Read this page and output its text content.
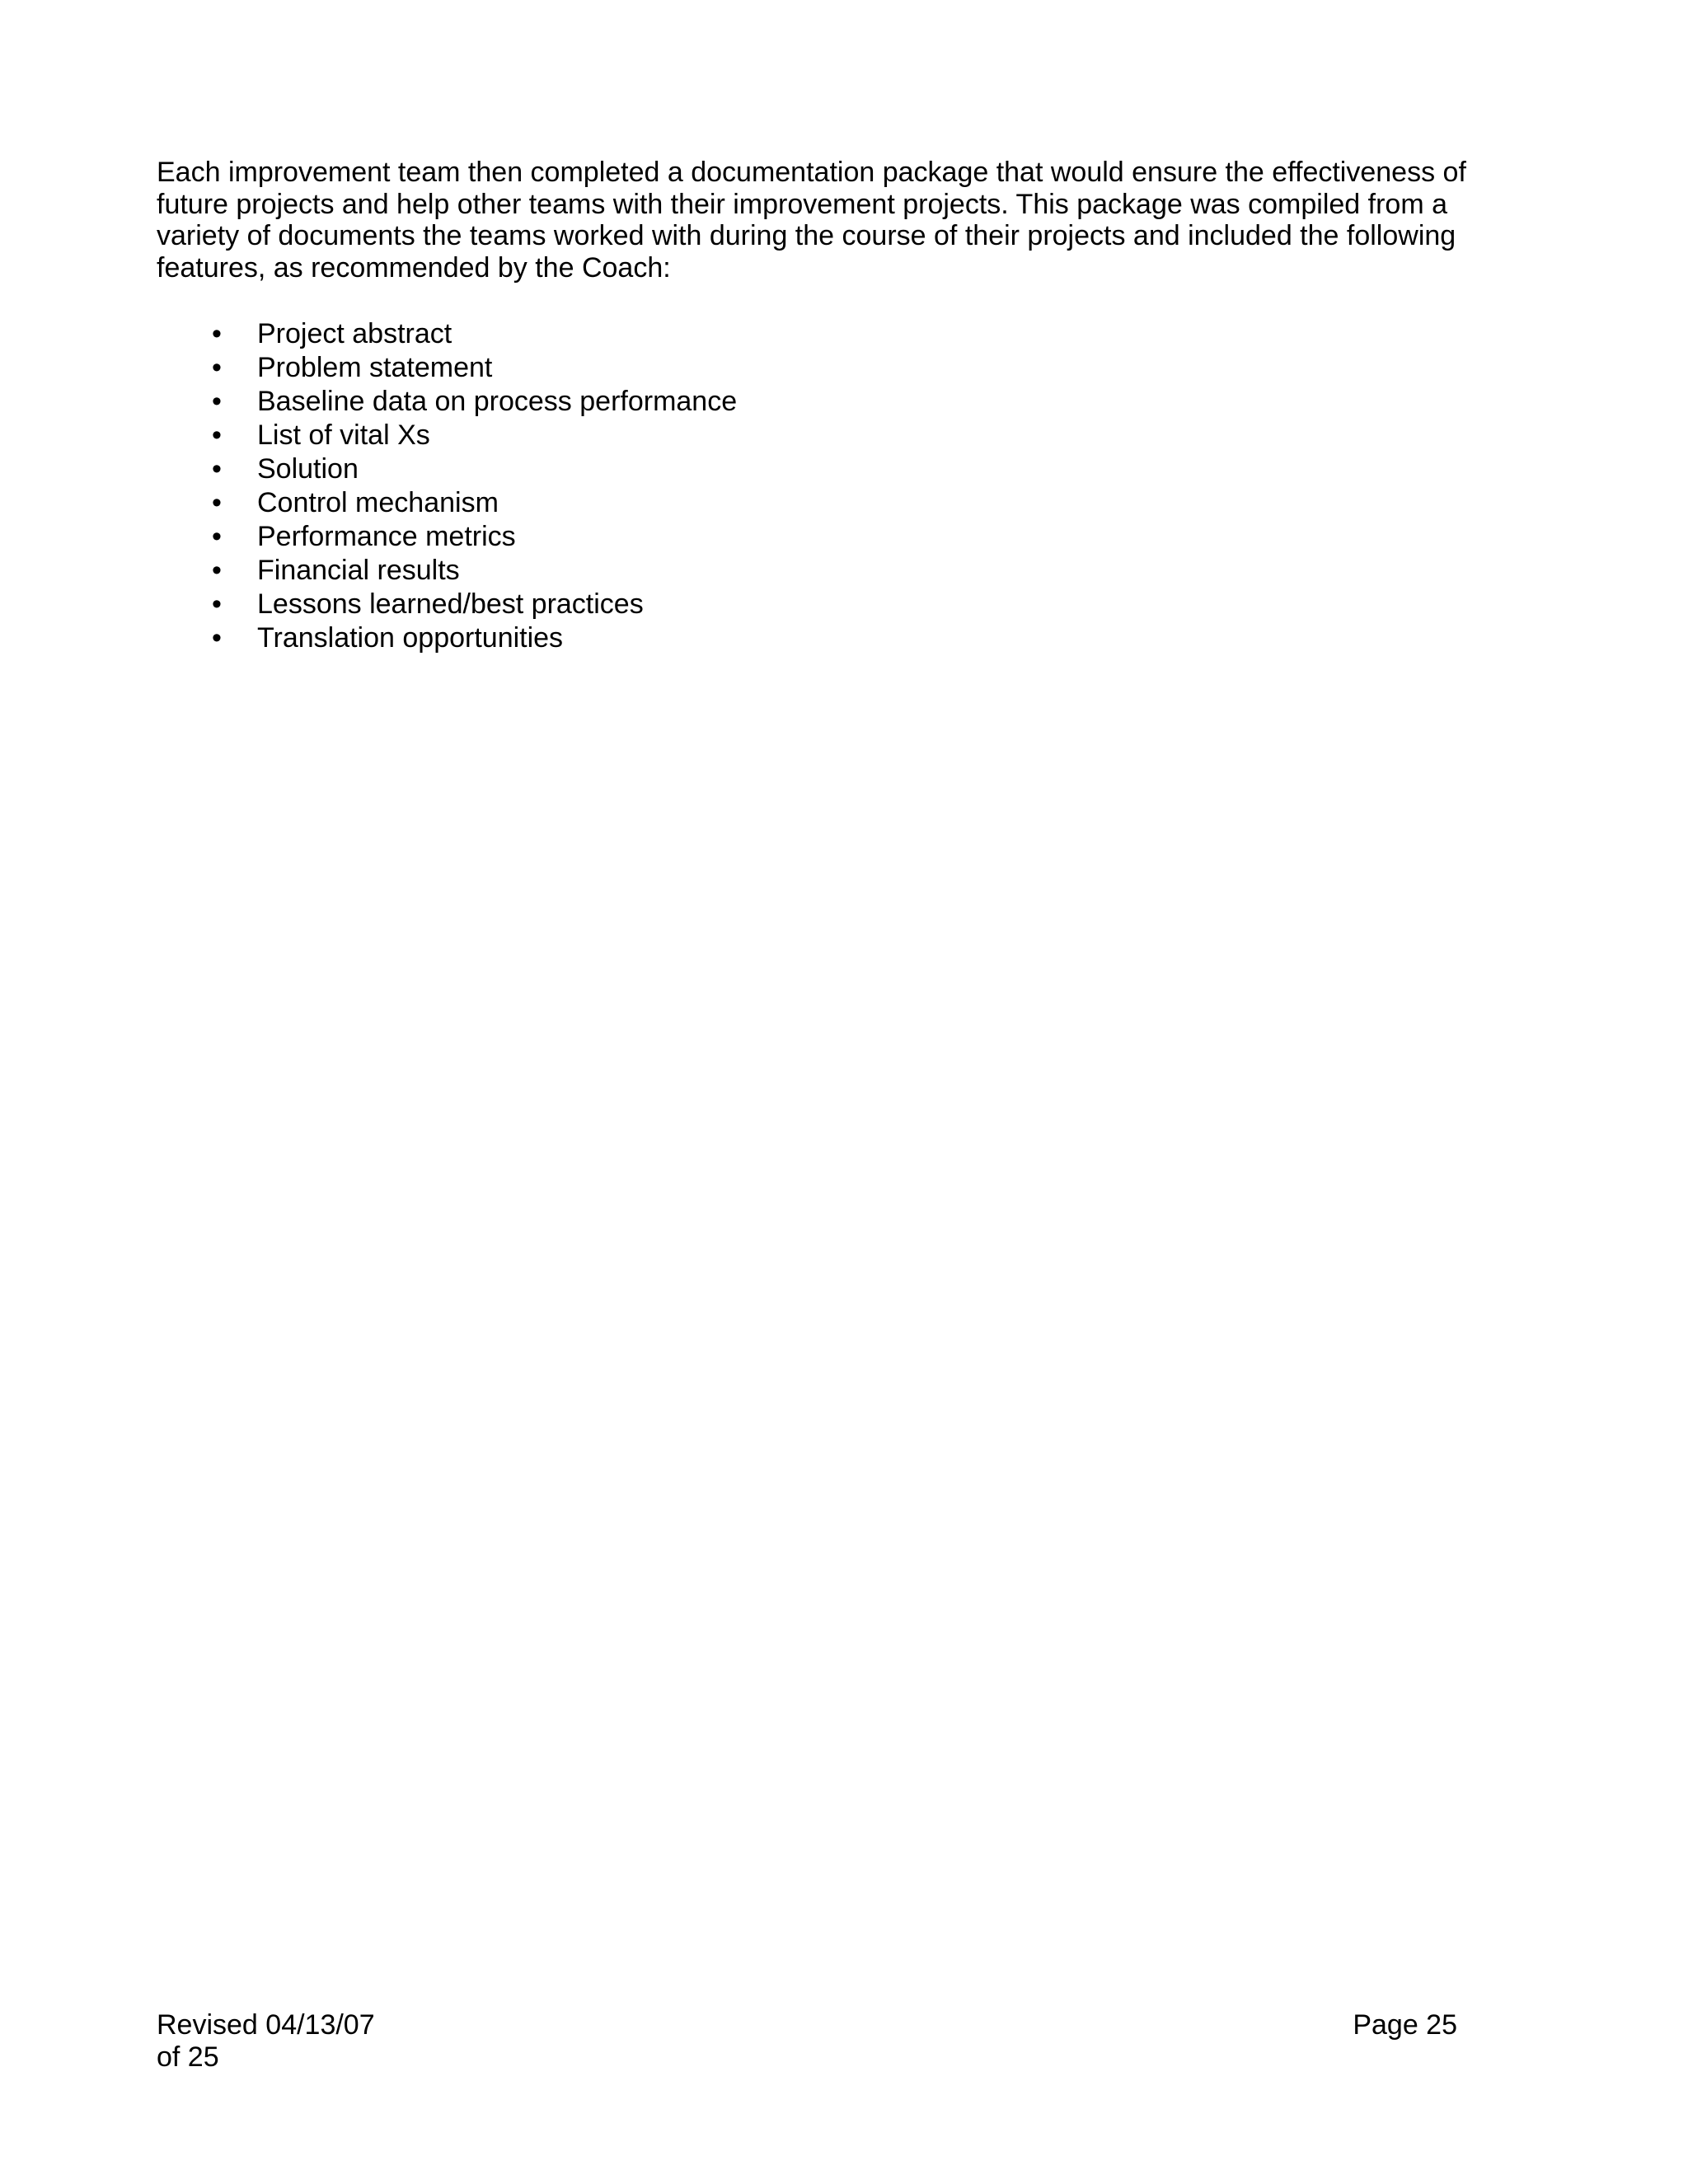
Each improvement team then completed a documentation package that would ensure the effectiveness of future projects and help other teams with their improvement projects. This package was compiled from a variety of documents the teams worked with during the course of their projects and included the following features, as recommended by the Coach:

• Project abstract
• Problem statement
• Baseline data on process performance
• List of vital Xs
• Solution
• Control mechanism
• Performance metrics
• Financial results
• Lessons learned/best practices
• Translation opportunities
Revised 04/13/07
of 25
Page 25
